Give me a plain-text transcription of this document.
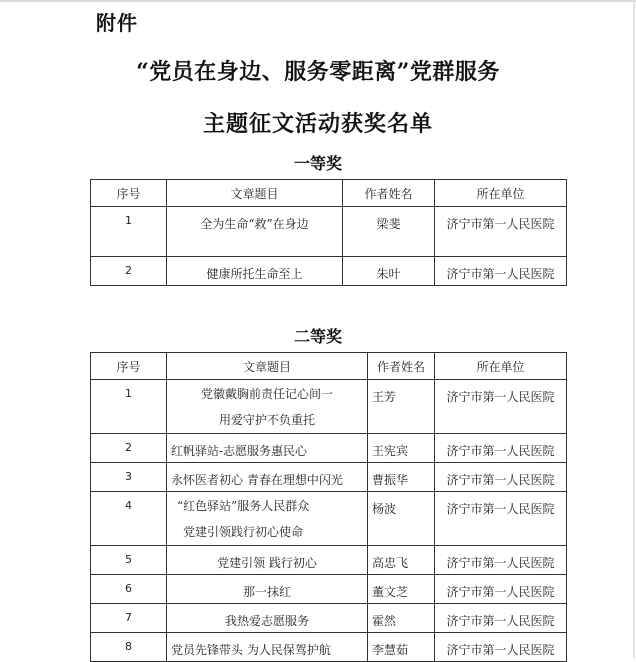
附件
“党员在身边、服务零距离”党群服务
主题征文活动获奖名单
一等奖
序号	文章题目	作者姓名	所在单位
1	全为生命“救”在身边	梁斐	济宁市第一人民医院
2	健康所托生命至上	朱叶	济宁市第一人民医院
二等奖
序号	文章题目	作者姓名	所在单位
1	党徽戴胸前责任记心间一
用爱守护不负重托	王芳	济宁市第一人民医院
2	红帆驿站-志愿服务惠民心	王宪宾	济宁市第一人民医院
3	永怀医者初心 青春在理想中闪光	曹振华	济宁市第一人民医院
4	“红色驿站”服务人民群众
党建引领践行初心使命	杨波	济宁市第一人民医院
5	党建引领 践行初心	高忠飞	济宁市第一人民医院
6	那一抹红	董文芝	济宁市第一人民医院
7	我热爱志愿服务	霍然	济宁市第一人民医院
8	党员先锋带头 为人民保驾护航	李慧茹	济宁市第一人民医院
